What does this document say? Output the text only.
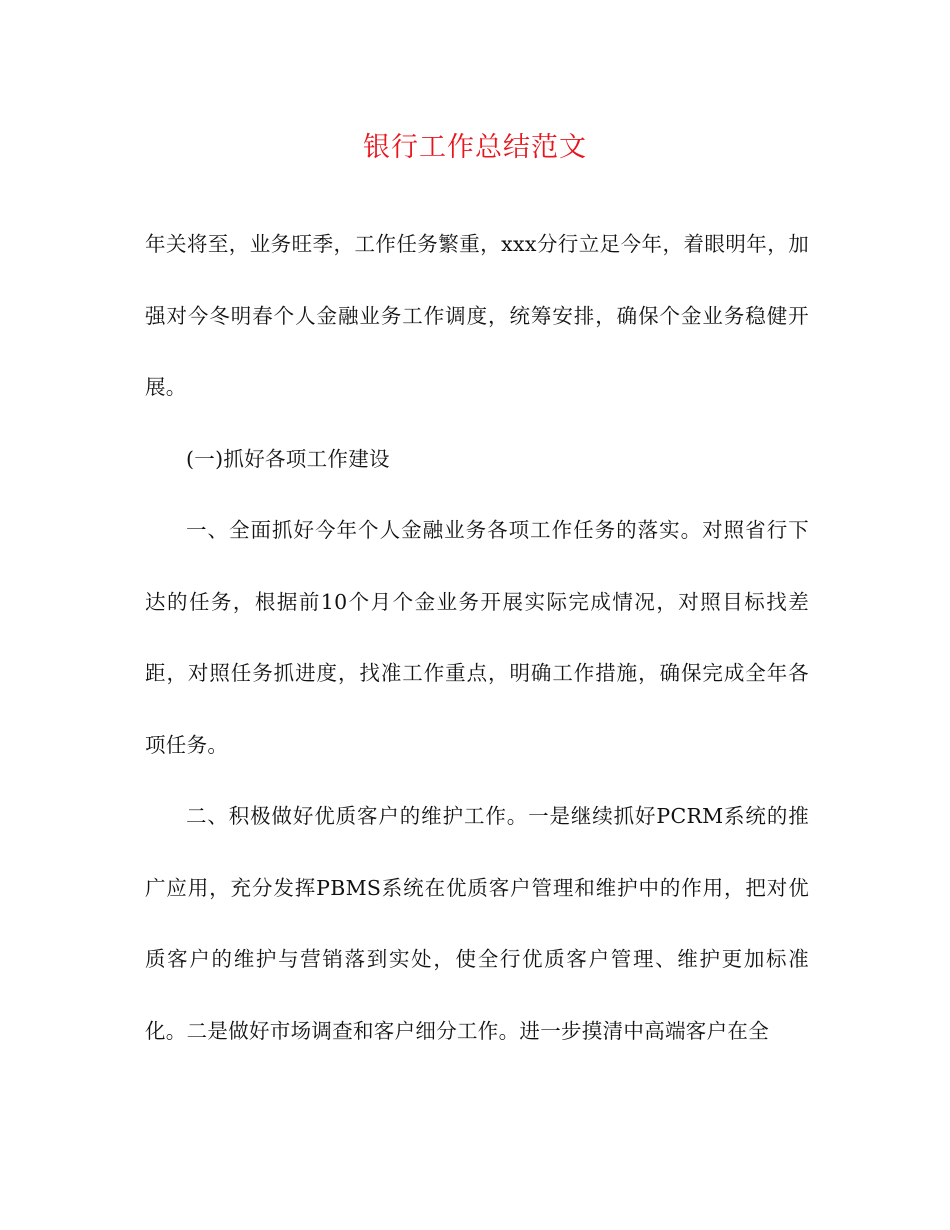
银行工作总结范文

年关将至，业务旺季，工作任务繁重，xxx分行立足今年，着眼明年，加强对今冬明春个人金融业务工作调度，统筹安排，确保个金业务稳健开展。

(一)抓好各项工作建设

一、全面抓好今年个人金融业务各项工作任务的落实。对照省行下达的任务，根据前10个月个金业务开展实际完成情况，对照目标找差距，对照任务抓进度，找准工作重点，明确工作措施，确保完成全年各项任务。

二、积极做好优质客户的维护工作。一是继续抓好PCRM系统的推广应用，充分发挥PBMS系统在优质客户管理和维护中的作用，把对优质客户的维护与营销落到实处，使全行优质客户管理、维护更加标准化。二是做好市场调查和客户细分工作。进一步摸清中高端客户在全
